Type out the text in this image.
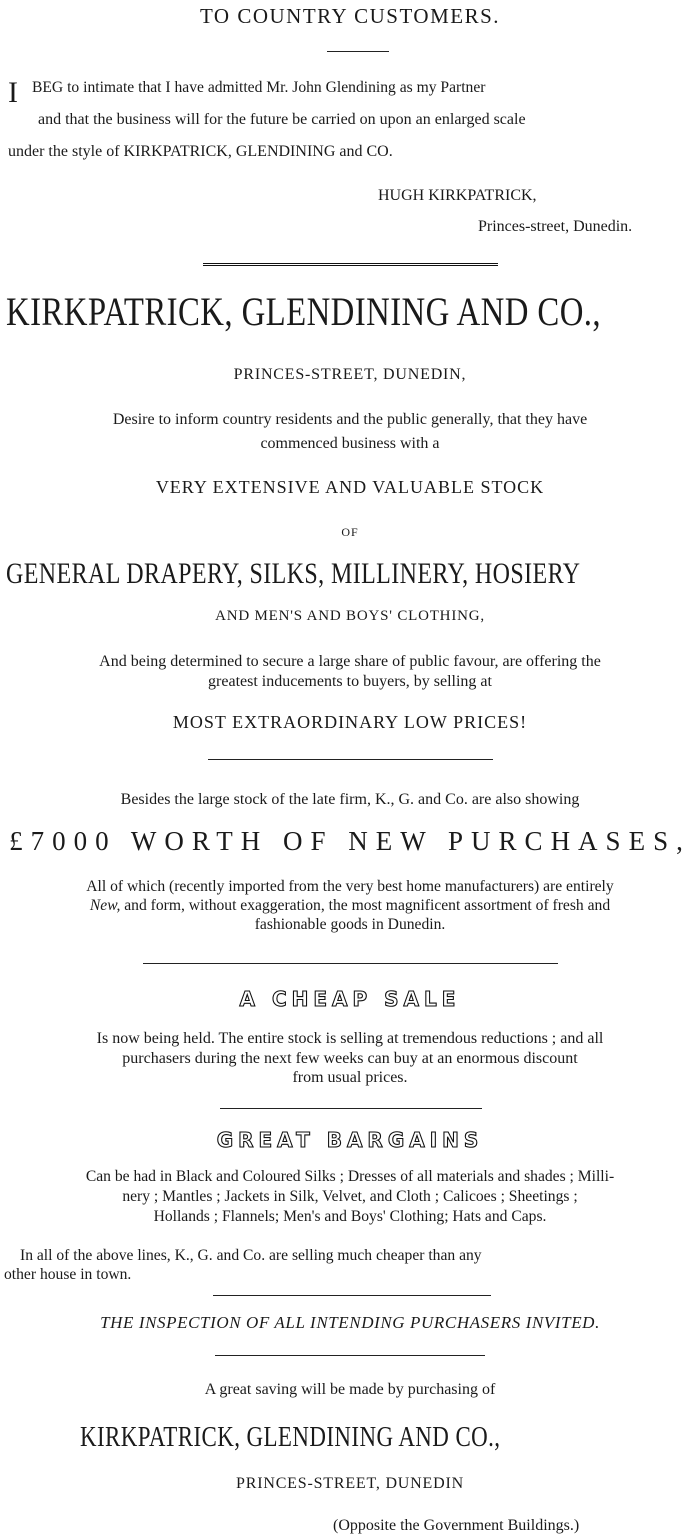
TO COUNTRY CUSTOMERS.
I BEG to intimate that I have admitted Mr. John Glendining as my Partner
and that the business will for the future be carried on upon an enlarged scale
under the style of KIRKPATRICK, GLENDINING and CO.
HUGH KIRKPATRICK,
Princes-street, Dunedin.
KIRKPATRICK, GLENDINING AND CO.,
PRINCES-STREET, DUNEDIN,
Desire to inform country residents and the public generally, that they have
commenced business with a
VERY EXTENSIVE AND VALUABLE STOCK
OF
GENERAL DRAPERY, SILKS, MILLINERY, HOSIERY
AND MEN'S AND BOYS' CLOTHING,
And being determined to secure a large share of public favour, are offering the
greatest inducements to buyers, by selling at
MOST EXTRAORDINARY LOW PRICES!
Besides the large stock of the late firm, K., G. and Co. are also showing
£7000 WORTH OF NEW PURCHASES,
All of which (recently imported from the very best home manufacturers) are entirely
New, and form, without exaggeration, the most magnificent assortment of fresh and
fashionable goods in Dunedin.
A CHEAP SALE
Is now being held. The entire stock is selling at tremendous reductions ; and all
purchasers during the next few weeks can buy at an enormous discount
from usual prices.
GREAT BARGAINS
Can be had in Black and Coloured Silks ; Dresses of all materials and shades ; Milli-
nery ; Mantles ; Jackets in Silk, Velvet, and Cloth ; Calicoes ; Sheetings ;
Hollands ; Flannels; Men's and Boys' Clothing; Hats and Caps.
In all of the above lines, K., G. and Co. are selling much cheaper than any
other house in town.
THE INSPECTION OF ALL INTENDING PURCHASERS INVITED.
A great saving will be made by purchasing of
KIRKPATRICK, GLENDINING AND CO.,
PRINCES-STREET, DUNEDIN
(Opposite the Government Buildings.)
